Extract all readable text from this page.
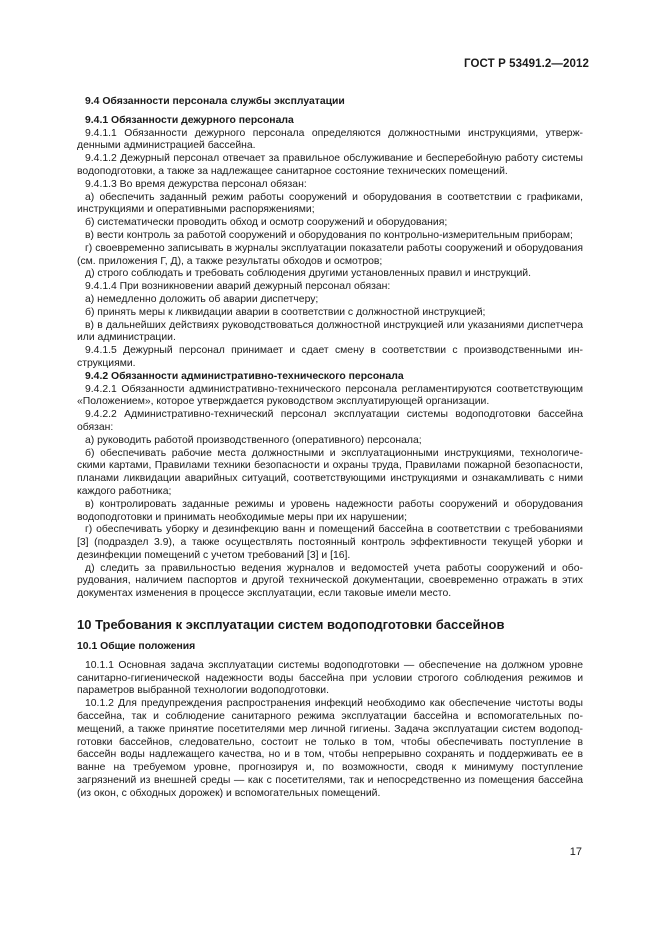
ГОСТ Р 53491.2—2012

9.4 Обязанности персонала службы эксплуатации

9.4.1 Обязанности дежурного персонала

9.4.1.1 Обязанности дежурного персонала определяются должностными инструкциями, утвержденными администрацией бассейна.

9.4.1.2 Дежурный персонал отвечает за правильное обслуживание и бесперебойную работу системы водоподготовки, а также за надлежащее санитарное состояние технических помещений.

9.4.1.3 Во время дежурства персонал обязан:

а) обеспечить заданный режим работы сооружений и оборудования в соответствии с графиками, инструкциями и оперативными распоряжениями;

б) систематически проводить обход и осмотр сооружений и оборудования;

в) вести контроль за работой сооружений и оборудования по контрольно-измерительным приборам;

г) своевременно записывать в журналы эксплуатации показатели работы сооружений и оборудования (см. приложения Г, Д), а также результаты обходов и осмотров;

д) строго соблюдать и требовать соблюдения другими установленных правил и инструкций.

9.4.1.4 При возникновении аварий дежурный персонал обязан:

а) немедленно доложить об аварии диспетчеру;

б) принять меры к ликвидации аварии в соответствии с должностной инструкцией;

в) в дальнейших действиях руководствоваться должностной инструкцией или указаниями диспетчера или администрации.

9.4.1.5 Дежурный персонал принимает и сдает смену в соответствии с производственными инструкциями.

9.4.2 Обязанности административно-технического персонала

9.4.2.1 Обязанности административно-технического персонала регламентируются соответствующим «Положением», которое утверждается руководством эксплуатирующей организации.

9.4.2.2 Административно-технический персонал эксплуатации системы водоподготовки бассейна обязан:

а) руководить работой производственного (оперативного) персонала;

б) обеспечивать рабочие места должностными и эксплуатационными инструкциями, технологическими картами, Правилами техники безопасности и охраны труда, Правилами пожарной безопасности, планами ликвидации аварийных ситуаций, соответствующими инструкциями и ознакамливать с ними каждого работника;

в) контролировать заданные режимы и уровень надежности работы сооружений и оборудования водоподготовки и принимать необходимые меры при их нарушении;

г) обеспечивать уборку и дезинфекцию ванн и помещений бассейна в соответствии с требованиями [3] (подраздел 3.9), а также осуществлять постоянный контроль эффективности текущей уборки и дезинфекции помещений с учетом требований [3] и [16].

д) следить за правильностью ведения журналов и ведомостей учета работы сооружений и оборудования, наличием паспортов и другой технической документации, своевременно отражать в этих документах изменения в процессе эксплуатации, если таковые имели место.

10 Требования к эксплуатации систем водоподготовки бассейнов

10.1 Общие положения

10.1.1 Основная задача эксплуатации системы водоподготовки — обеспечение на должном уровне санитарно-гигиенической надежности воды бассейна при условии строгого соблюдения режимов и параметров выбранной технологии водоподготовки.

10.1.2 Для предупреждения распространения инфекций необходимо как обеспечение чистоты воды бассейна, так и соблюдение санитарного режима эксплуатации бассейна и вспомогательных помещений, а также принятие посетителями мер личной гигиены. Задача эксплуатации систем водоподготовки бассейнов, следовательно, состоит не только в том, чтобы обеспечивать поступление в бассейн воды надлежащего качества, но и в том, чтобы непрерывно сохранять и поддерживать ее в ванне на требуемом уровне, прогнозируя и, по возможности, сводя к минимуму поступление загрязнений из внешней среды — как с посетителями, так и непосредственно из помещения бассейна (из окон, с обходных дорожек) и вспомогательных помещений.

17
